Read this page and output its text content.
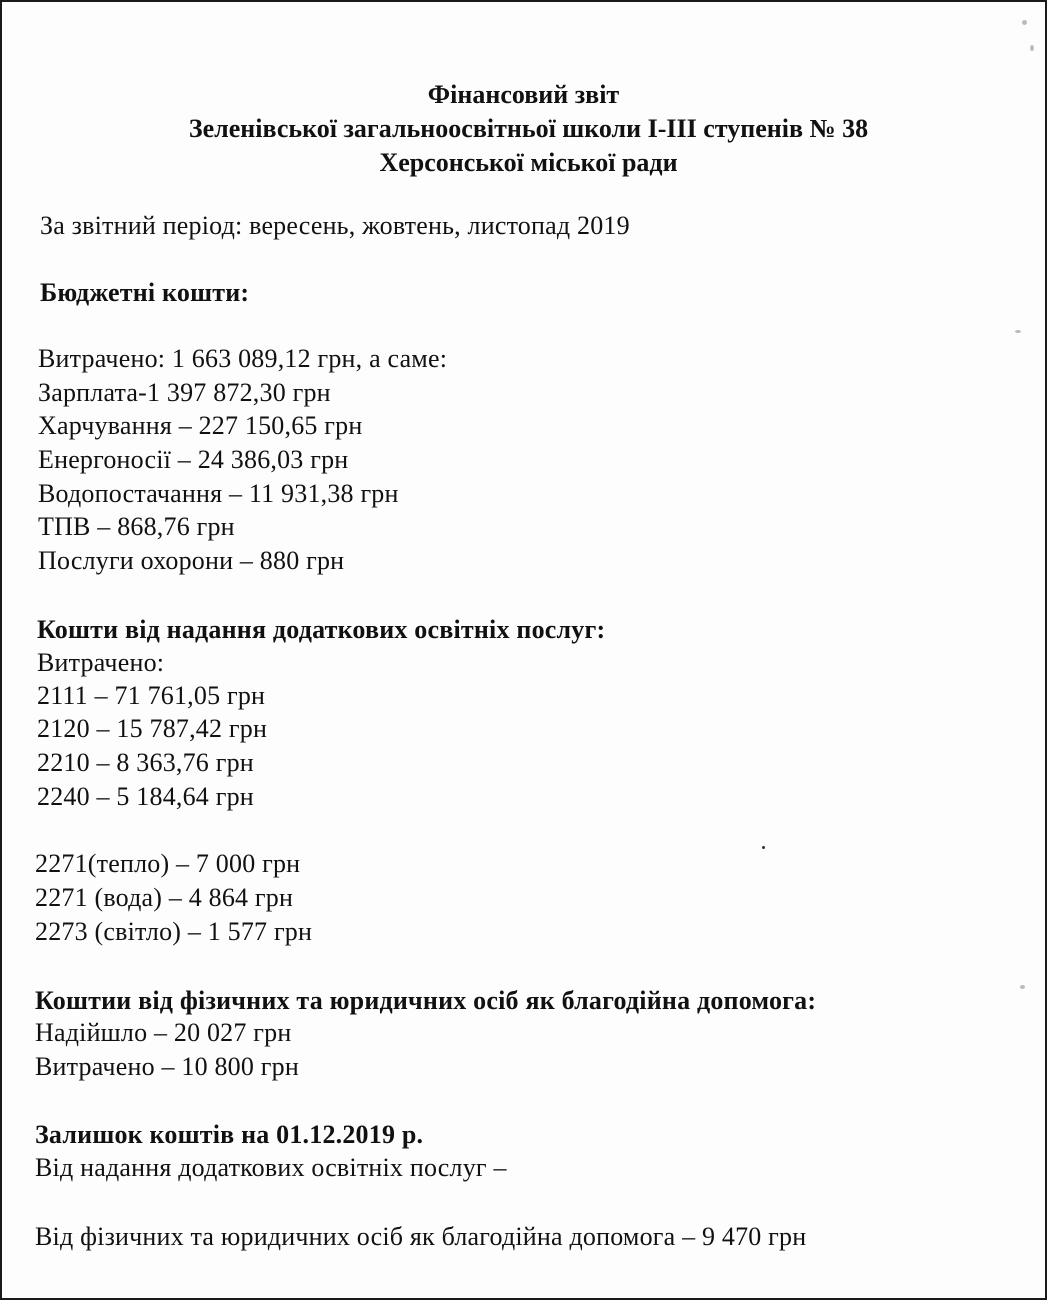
Фінансовий звіт
Зеленівської загальноосвітньої школи І-ІІІ ступенів № 38
Херсонської міської ради
За звітний період: вересень, жовтень, листопад 2019
Бюджетні кошти:
Витрачено: 1 663 089,12 грн, а саме:
Зарплата-1 397 872,30 грн
Харчування – 227 150,65 грн
Енергоносії – 24 386,03 грн
Водопостачання – 11 931,38 грн
ТПВ – 868,76 грн
Послуги охорони – 880 грн
Кошти від надання додаткових освітніх послуг:
Витрачено:
2111 – 71 761,05 грн
2120 – 15 787,42 грн
2210 – 8 363,76 грн
2240 – 5 184,64 грн
2271(тепло) – 7 000 грн
2271 (вода) – 4 864 грн
2273 (світло) – 1 577 грн
Коштии від фізичних та юридичних осіб як благодійна допомога:
Надійшло – 20 027 грн
Витрачено – 10 800 грн
Залишок коштів на 01.12.2019 р.
Від надання додаткових освітніх послуг –
Від фізичних та юридичних осіб як благодійна допомога – 9 470 грн
